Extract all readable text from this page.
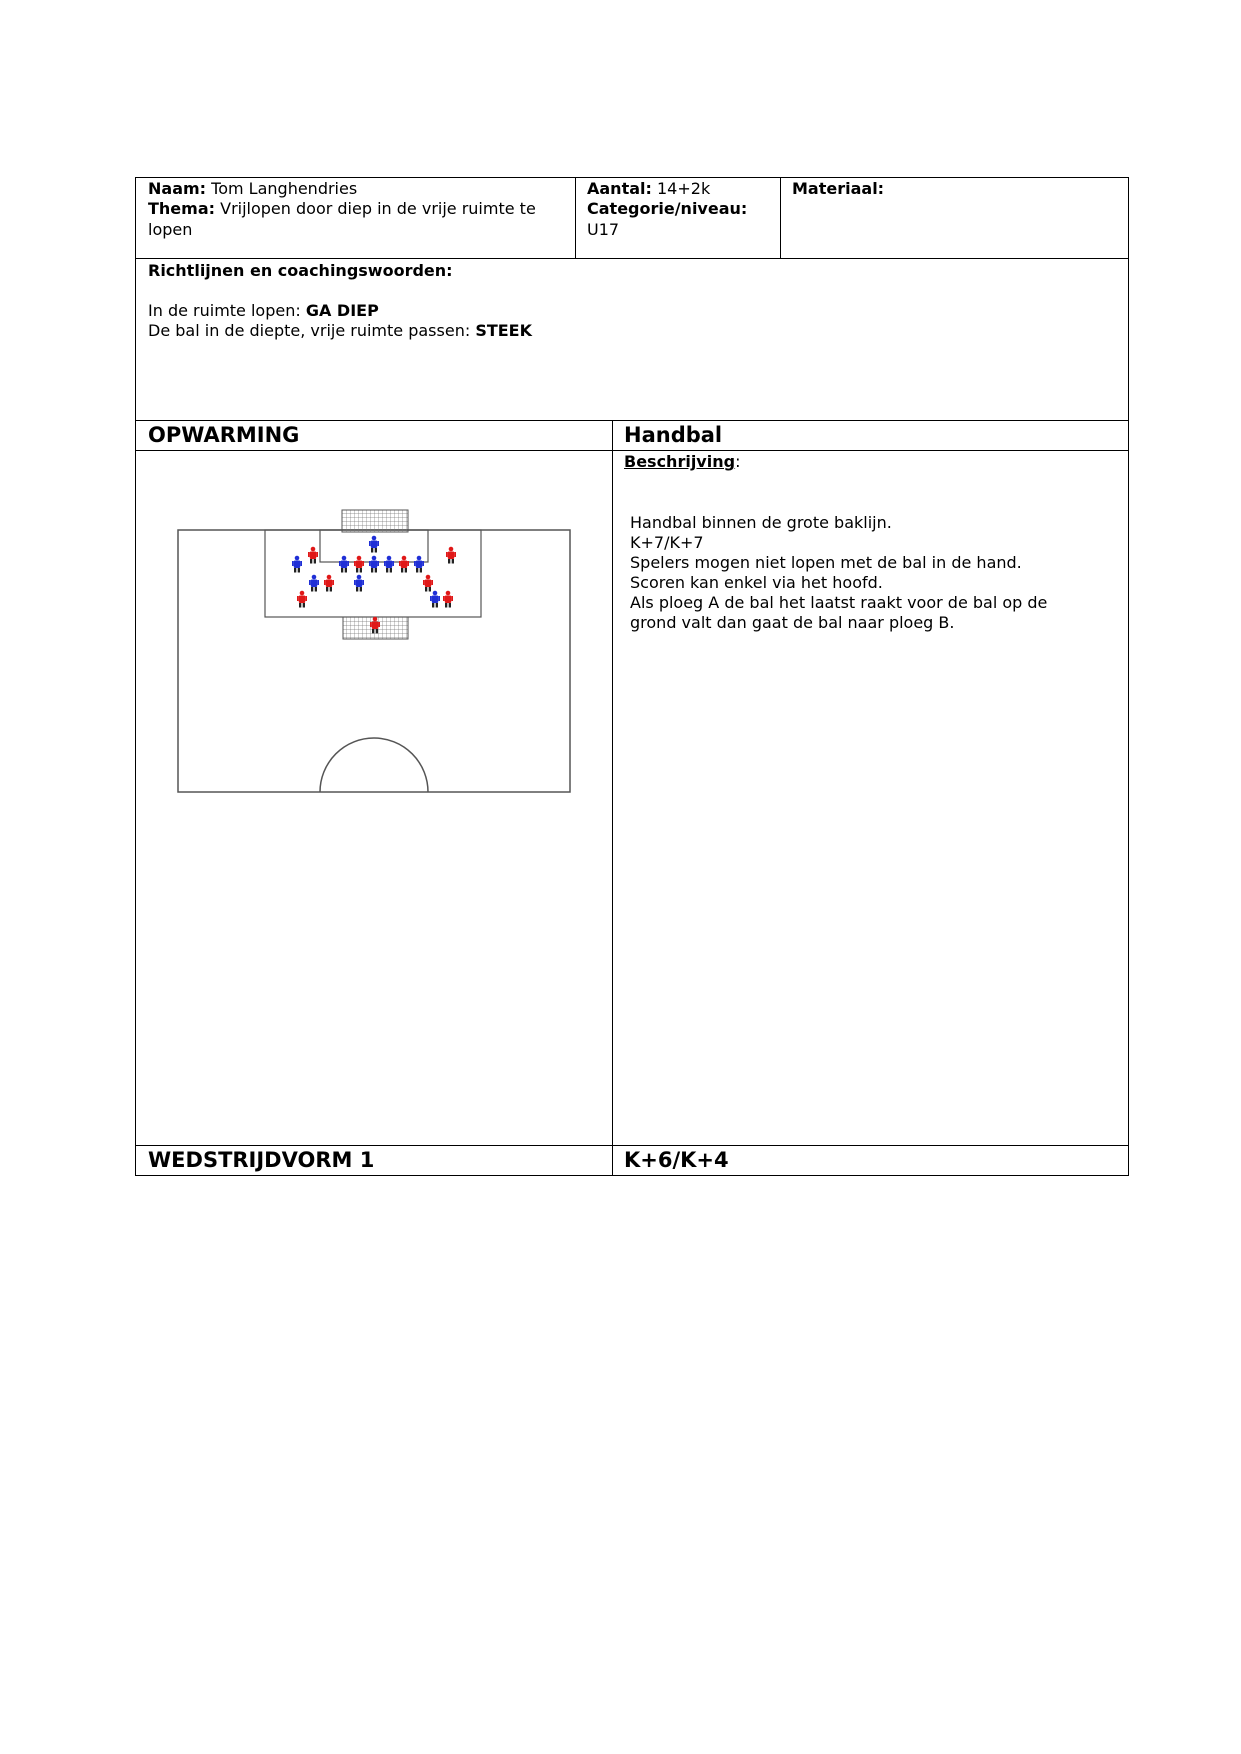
Naam: Tom Langhendries
Thema: Vrijlopen door diep in de vrije ruimte te
lopen
Aantal: 14+2k
Categorie/niveau:
U17
Materiaal:
Richtlijnen en coachingswoorden:
In de ruimte lopen: GA DIEP
De bal in de diepte, vrije ruimte passen: STEEK
OPWARMING	Handbal
Beschrijving:
Handbal binnen de grote baklijn.
K+7/K+7
Spelers mogen niet lopen met de bal in de hand.
Scoren kan enkel via het hoofd.
Als ploeg A de bal het laatst raakt voor de bal op de
grond valt dan gaat de bal naar ploeg B.
WEDSTRIJDVORM 1	K+6/K+4
